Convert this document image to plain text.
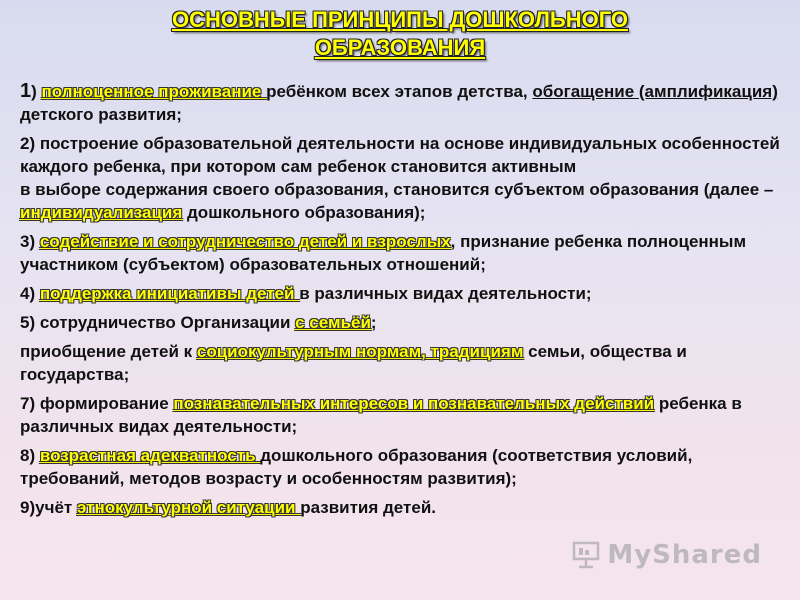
ОСНОВНЫЕ ПРИНЦИПЫ ДОШКОЛЬНОГО
ОБРАЗОВАНИЯ
1) полноценное проживание ребёнком всех этапов детства, обогащение (амплификация) детского развития;
2) построение образовательной деятельности на основе индивидуальных особенностей каждого ребенка, при котором сам ребенок становится активным
в выборе содержания своего образования, становится субъектом образования (далее – индивидуализация дошкольного образования);
3) содействие и сотрудничество детей и взрослых, признание ребенка полноценным участником (субъектом) образовательных отношений;
4) поддержка инициативы детей в различных видах деятельности;
5) сотрудничество Организации с семьёй;
приобщение детей к социокультурным нормам, традициям семьи, общества и государства;
7) формирование познавательных интересов и познавательных действий ребенка в различных видах деятельности;
8) возрастная адекватность дошкольного образования (соответствия условий, требований, методов возрасту и особенностям развития);
9)учёт этнокультурной ситуации развития детей.
MyShared
